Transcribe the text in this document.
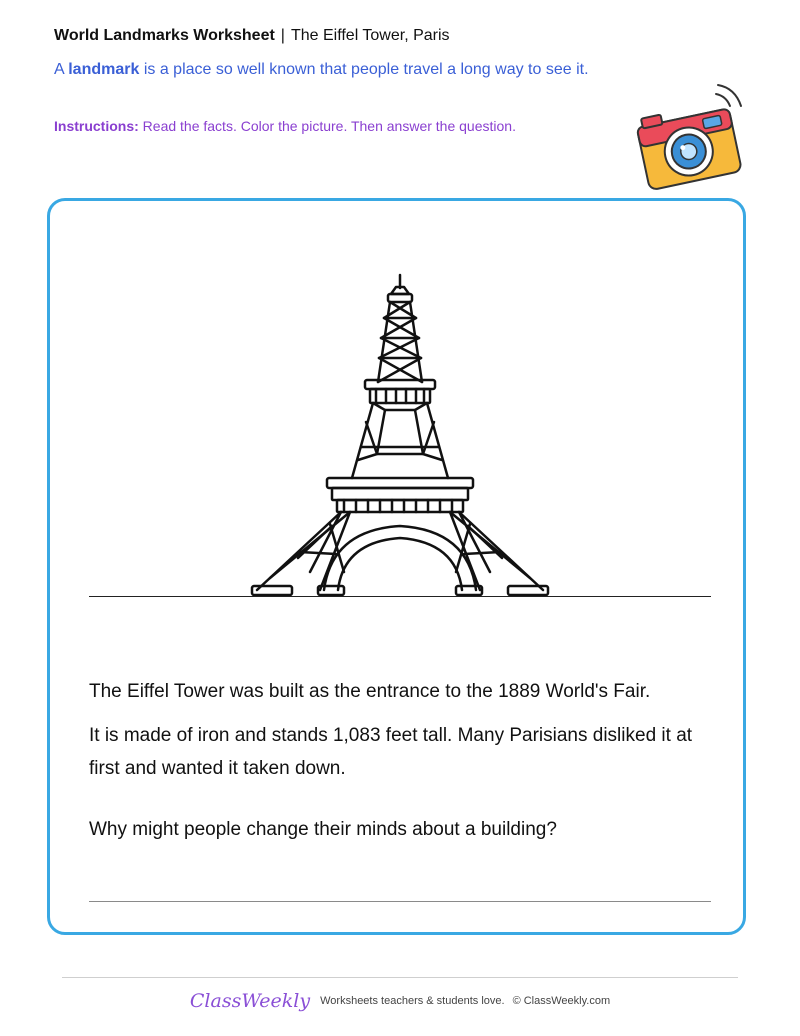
World Landmarks Worksheet | The Eiffel Tower, Paris
A landmark is a place so well known that people travel a long way to see it.
Instructions: Read the facts. Color the picture. Then answer the question.
The Eiffel Tower was built as the entrance to the 1889 World's Fair.
It is made of iron and stands 1,083 feet tall. Many Parisians disliked it at first and wanted it taken down.
Why might people change their minds about a building?
ClassWeekly Worksheets teachers & students love. © ClassWeekly.com
